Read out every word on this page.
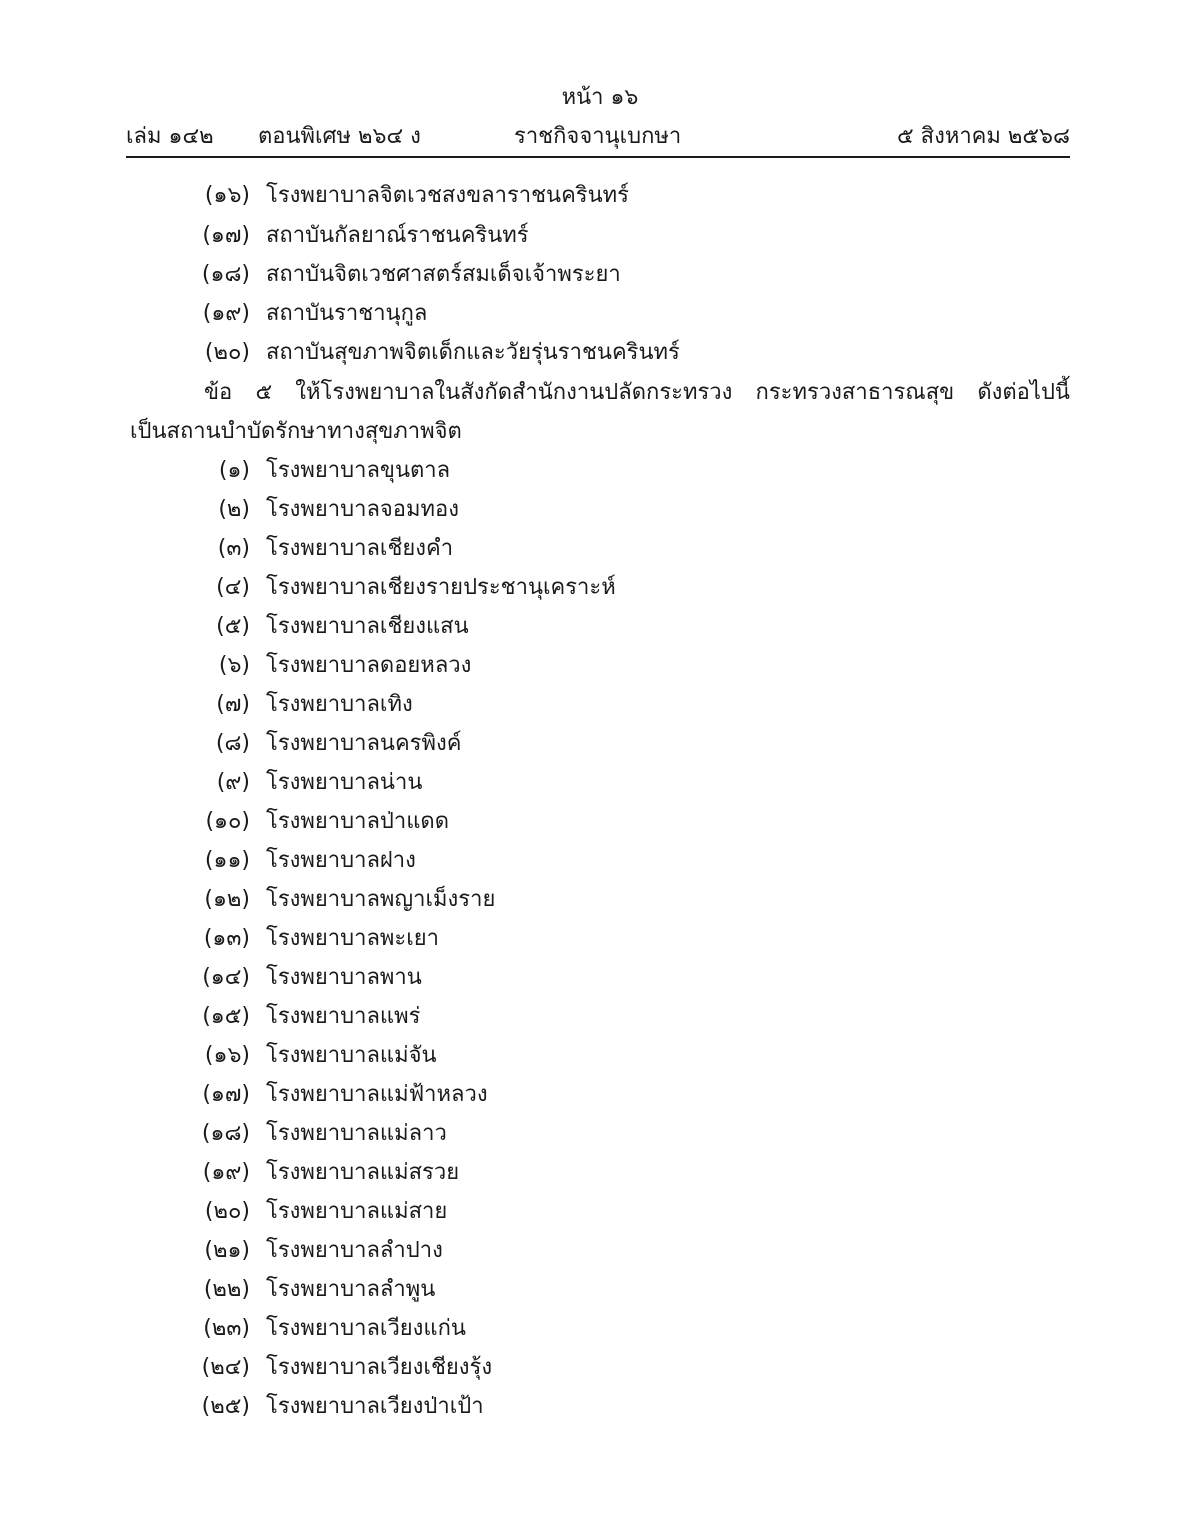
หน้า ๑๖
เล่ม ๑๔๒ ตอนพิเศษ ๒๖๔ ง	ราชกิจจานุเบกษา	๕ สิงหาคม ๒๕๖๘
(๑๖) โรงพยาบาลจิตเวชสงขลาราชนครินทร์
(๑๗) สถาบันกัลยาณ์ราชนครินทร์
(๑๘) สถาบันจิตเวชศาสตร์สมเด็จเจ้าพระยา
(๑๙) สถาบันราชานุกูล
(๒๐) สถาบันสุขภาพจิตเด็กและวัยรุ่นราชนครินทร์
ข้อ ๕ ให้โรงพยาบาลในสังกัดสำนักงานปลัดกระทรวง กระทรวงสาธารณสุข ดังต่อไปนี้
เป็นสถานบำบัดรักษาทางสุขภาพจิต
(๑) โรงพยาบาลขุนตาล
(๒) โรงพยาบาลจอมทอง
(๓) โรงพยาบาลเชียงคำ
(๔) โรงพยาบาลเชียงรายประชานุเคราะห์
(๕) โรงพยาบาลเชียงแสน
(๖) โรงพยาบาลดอยหลวง
(๗) โรงพยาบาลเทิง
(๘) โรงพยาบาลนครพิงค์
(๙) โรงพยาบาลน่าน
(๑๐) โรงพยาบาลป่าแดด
(๑๑) โรงพยาบาลฝาง
(๑๒) โรงพยาบาลพญาเม็งราย
(๑๓) โรงพยาบาลพะเยา
(๑๔) โรงพยาบาลพาน
(๑๕) โรงพยาบาลแพร่
(๑๖) โรงพยาบาลแม่จัน
(๑๗) โรงพยาบาลแม่ฟ้าหลวง
(๑๘) โรงพยาบาลแม่ลาว
(๑๙) โรงพยาบาลแม่สรวย
(๒๐) โรงพยาบาลแม่สาย
(๒๑) โรงพยาบาลลำปาง
(๒๒) โรงพยาบาลลำพูน
(๒๓) โรงพยาบาลเวียงแก่น
(๒๔) โรงพยาบาลเวียงเชียงรุ้ง
(๒๕) โรงพยาบาลเวียงป่าเป้า
